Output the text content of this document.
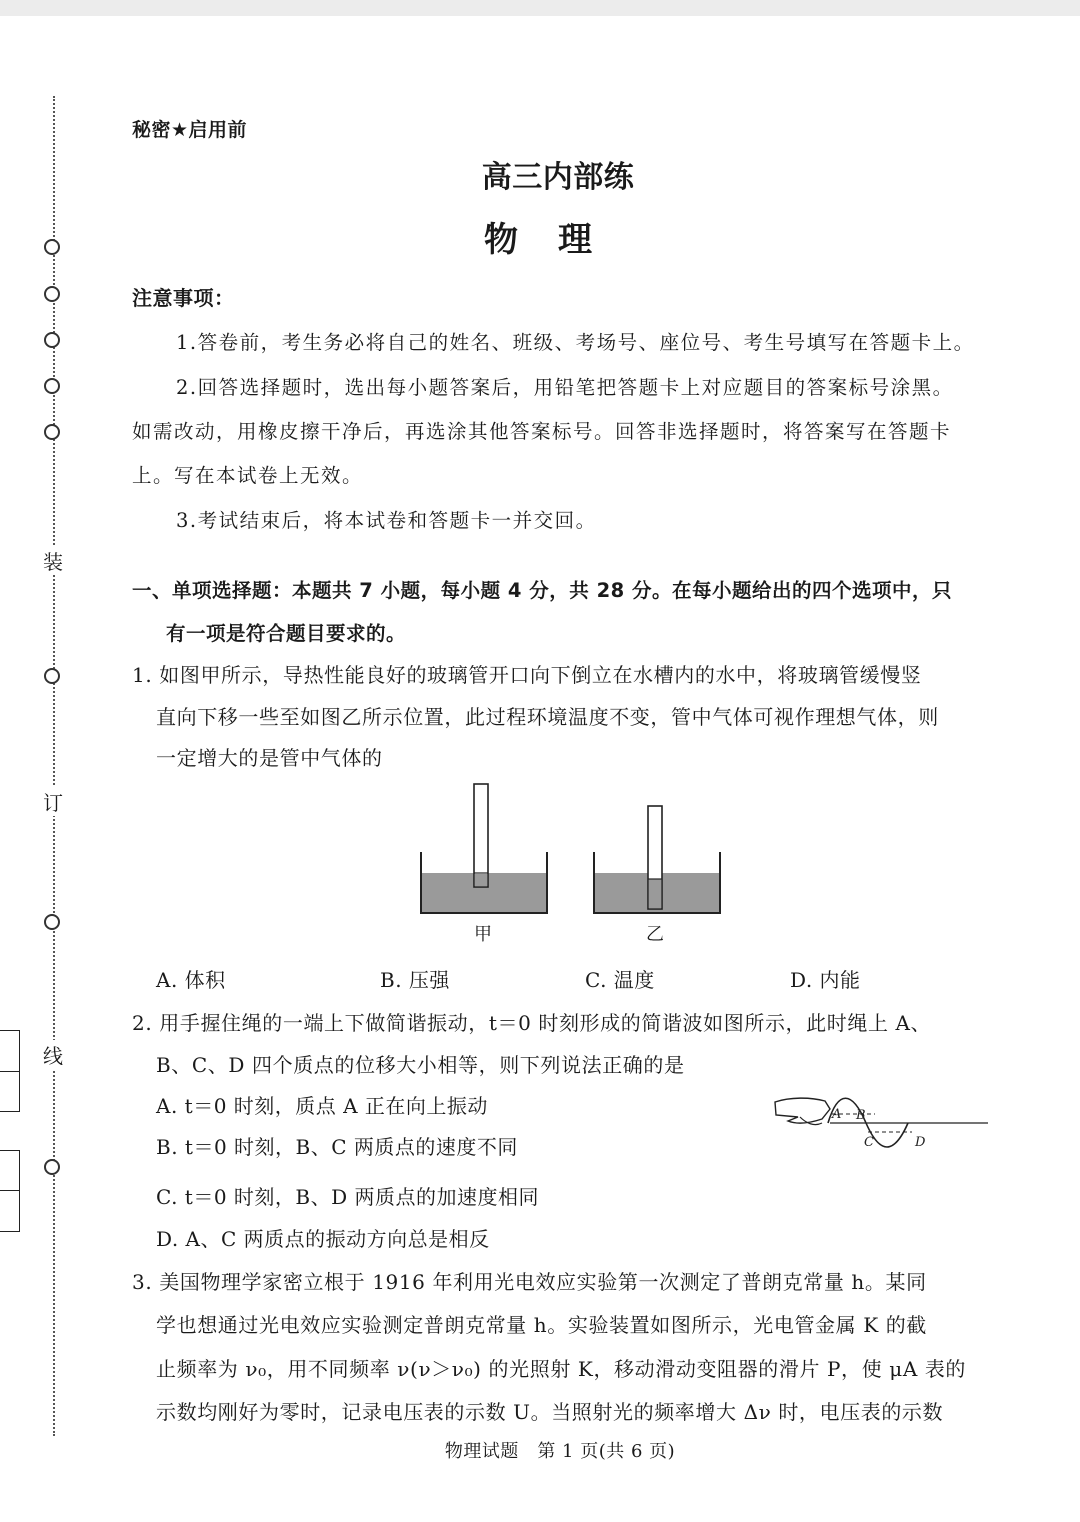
装
订
线
秘密★启用前
高三内部练
物理
注意事项：
1.答卷前，考生务必将自己的姓名、班级、考场号、座位号、考生号填写在答题卡上。
2.回答选择题时，选出每小题答案后，用铅笔把答题卡上对应题目的答案标号涂黑。
如需改动，用橡皮擦干净后，再选涂其他答案标号。回答非选择题时，将答案写在答题卡
上。写在本试卷上无效。
3.考试结束后，将本试卷和答题卡一并交回。
一、单项选择题：本题共 7 小题，每小题 4 分，共 28 分。在每小题给出的四个选项中，只
有一项是符合题目要求的。
1. 如图甲所示，导热性能良好的玻璃管开口向下倒立在水槽内的水中，将玻璃管缓慢竖
直向下移一些至如图乙所示位置，此过程环境温度不变，管中气体可视作理想气体，则
一定增大的是管中气体的
甲	乙
A. 体积	B. 压强	C. 温度	D. 内能
2. 用手握住绳的一端上下做简谐振动，t＝0 时刻形成的简谐波如图所示，此时绳上 A、
B、C、D 四个质点的位移大小相等，则下列说法正确的是
A. t＝0 时刻，质点 A 正在向上振动
B. t＝0 时刻，B、C 两质点的速度不同
C. t＝0 时刻，B、D 两质点的加速度相同
D. A、C 两质点的振动方向总是相反
A B
C	D
3. 美国物理学家密立根于 1916 年利用光电效应实验第一次测定了普朗克常量 h。某同
学也想通过光电效应实验测定普朗克常量 h。实验装置如图所示，光电管金属 K 的截
止频率为 ν₀，用不同频率 ν(ν＞ν₀) 的光照射 K，移动滑动变阻器的滑片 P，使 μA 表的
示数均刚好为零时，记录电压表的示数 U。当照射光的频率增大 Δν 时，电压表的示数
物理试题　第 1 页(共 6 页)
